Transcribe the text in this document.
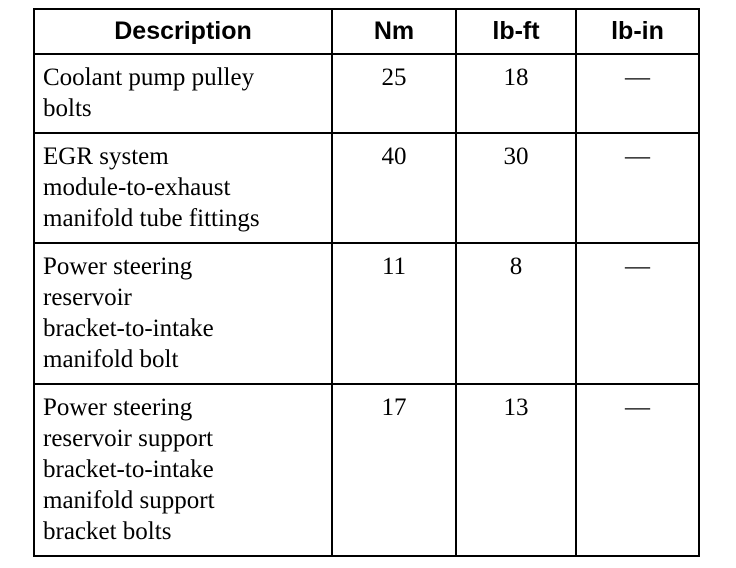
Description	Nm	lb-ft	lb-in
Coolant pump pulley
bolts	25	18	—
EGR system
module-to-exhaust
manifold tube fittings	40	30	—
Power steering
reservoir
bracket-to-intake
manifold bolt	11	8	—
Power steering
reservoir support
bracket-to-intake
manifold support
bracket bolts	17	13	—
